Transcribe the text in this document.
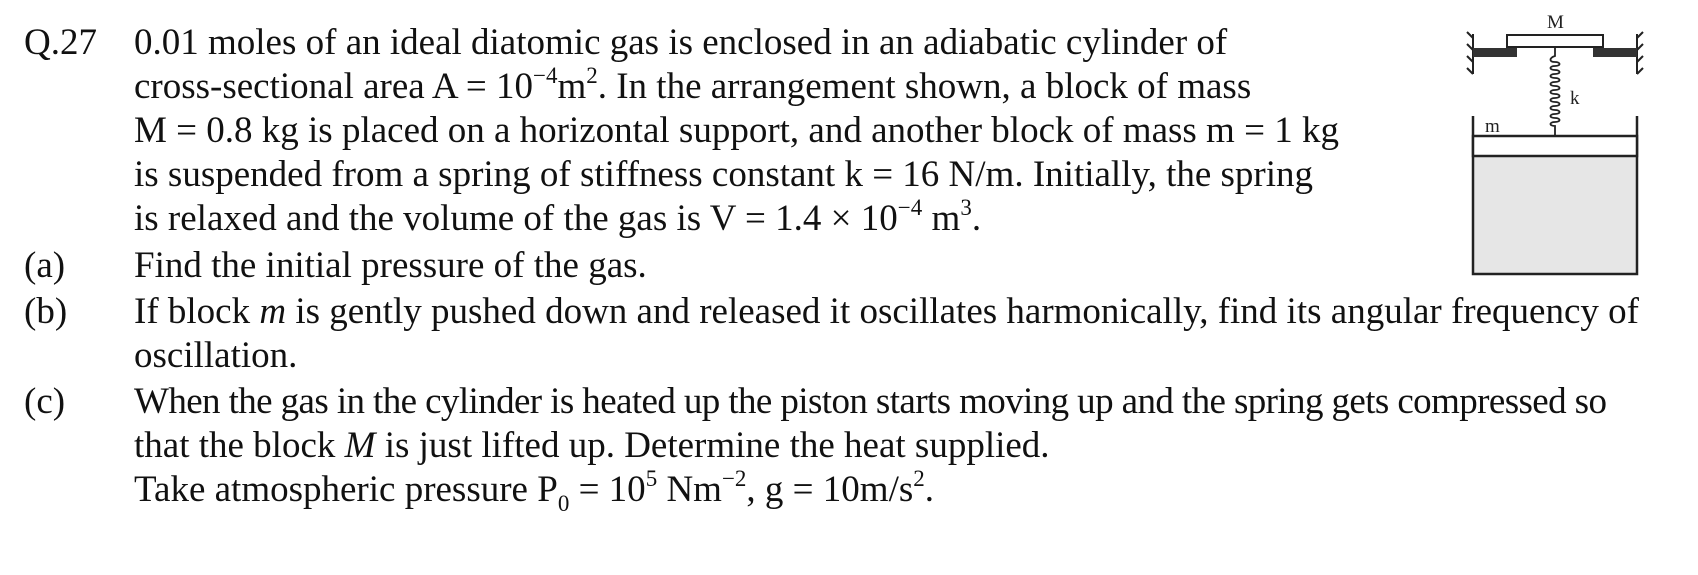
Q.27 0.01 moles of an ideal diatomic gas is enclosed in an adiabatic cylinder of
cross-sectional area $A = 10^{-4}m^2$. In the arrangement shown, a block of mass
M = 0.8 kg is placed on a horizontal support, and another block of mass m = 1 kg
is suspended from a spring of stiffness constant k = 16 N/m. Initially, the spring
is relaxed and the volume of the gas is $V = 1.4 \times 10^{-4}$ $m^3$.
(a) Find the initial pressure of the gas.
(b) If block m is gently pushed down and released it oscillates harmonically, find its angular frequency of
oscillation.
(c) When the gas in the cylinder is heated up the piston starts moving up and the spring gets compressed so
that the block M is just lifted up. Determine the heat supplied.
Take atmospheric pressure $P_0 = 10^5$ $Nm^{-2}$, $g = 10m/s^2$.
M
k
m
